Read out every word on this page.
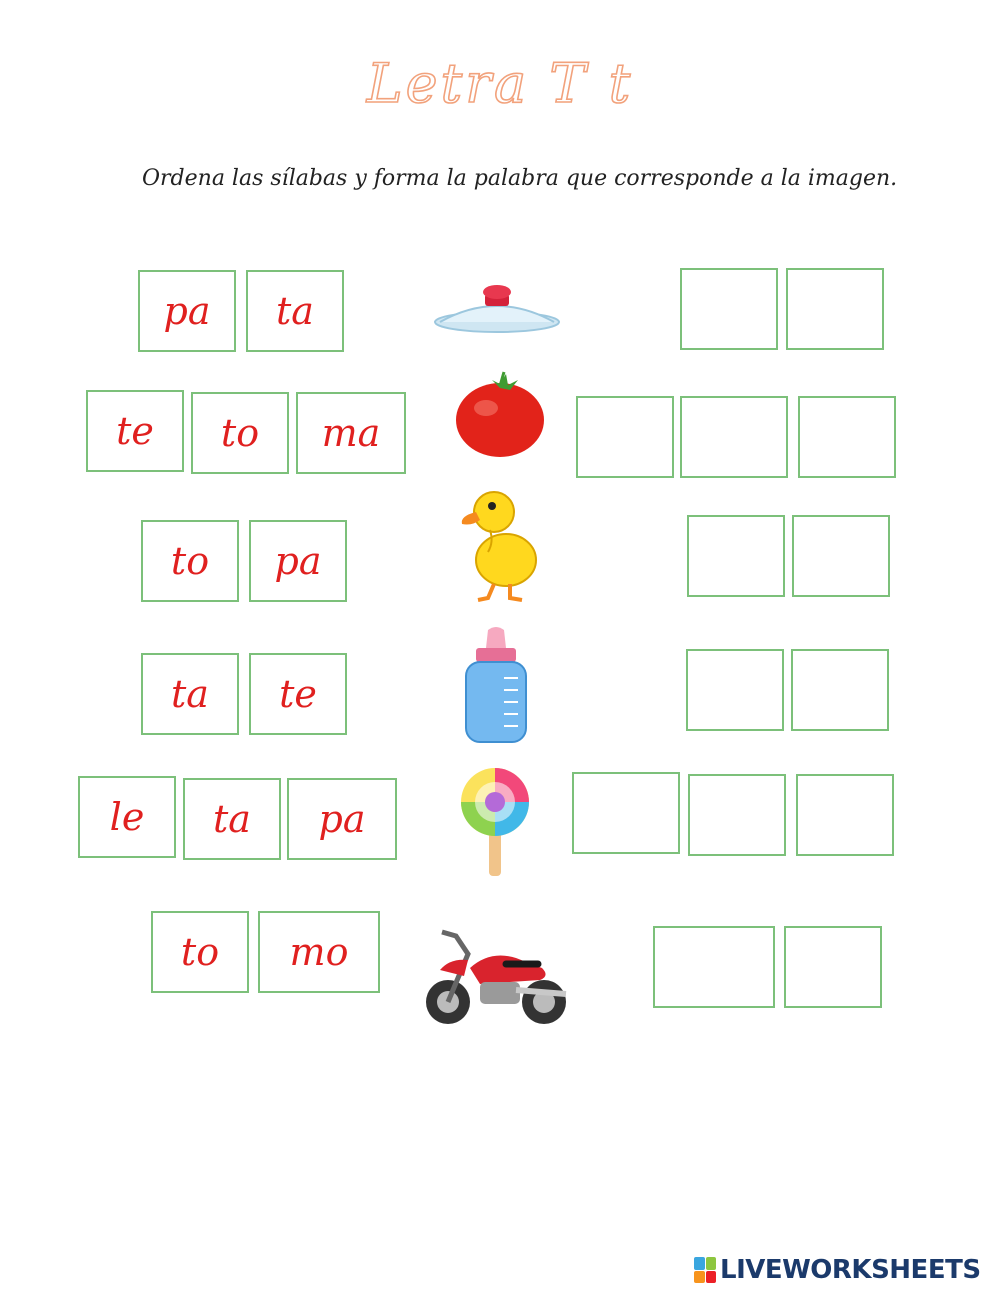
Letra T t
Ordena las sílabas y forma la palabra que corresponde a la imagen.
pa	ta
te	to	ma
to	pa
ta	te
le	ta	pa
to	mo
LIVEWORKSHEETS
